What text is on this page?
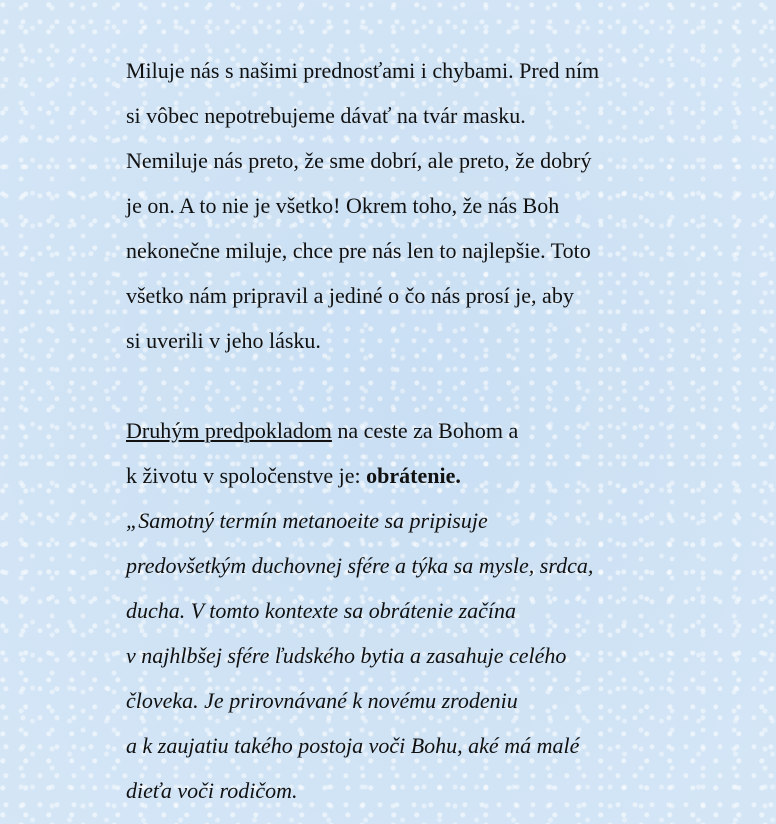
Miluje nás s našimi prednosťami i chybami. Pred ním
si vôbec nepotrebujeme dávať na tvár masku.
Nemiluje nás preto, že sme dobrí, ale preto, že dobrý
je on. A to nie je všetko! Okrem toho, že nás Boh
nekonečne miluje, chce pre nás len to najlepšie. Toto
všetko nám pripravil a jediné o čo nás prosí je, aby
si uverili v jeho lásku.
Druhým predpokladom na ceste za Bohom a
k životu v spoločenstve je: obrátenie.
„Samotný termín metanoeite sa pripisuje
predovšetkým duchovnej sfére a týka sa mysle, srdca,
ducha. V tomto kontexte sa obrátenie začína
v najhlbšej sfére ľudského bytia a zasahuje celého
človeka. Je prirovnávané k novému zrodeniu
a k zaujatiu takého postoja voči Bohu, aké má malé
dieťa voči rodičom.
